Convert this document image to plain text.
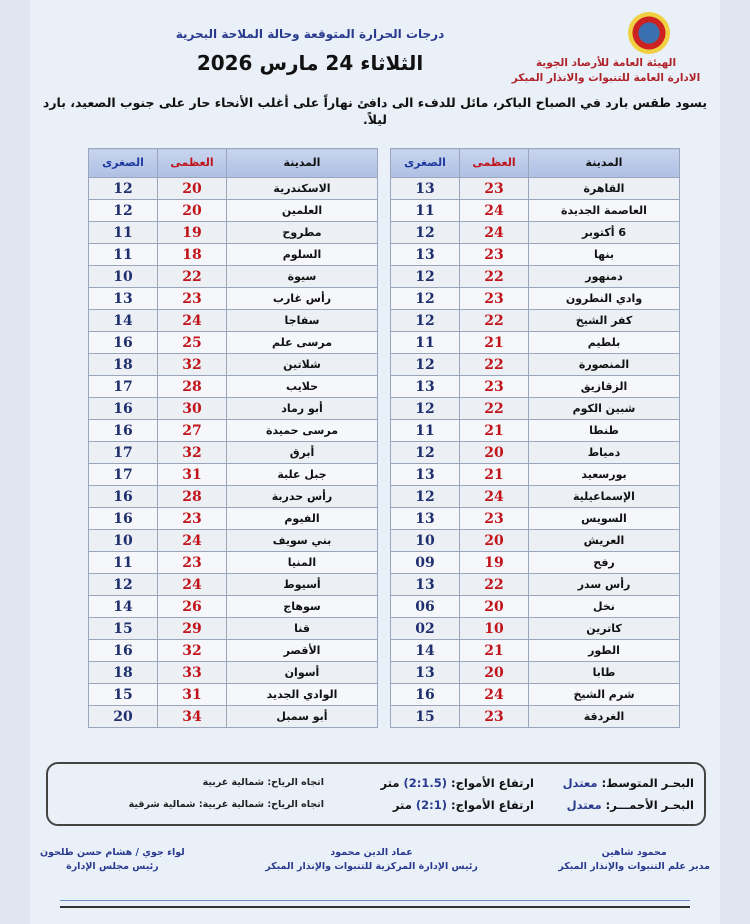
الهيئة العامة للأرصاد الجوية
الادارة العامة للتنبوات والانذار المبكر
درجات الحرارة المتوقعة وحالة الملاحة البحرية
الثلاثاء 24 مارس 2026
يسود طقس بارد في الصباح الباكر، مائل للدفء الى دافئ نهاراً على أغلب الأنحاء حار على جنوب الصعيد، بارد ليلاً.
المدينة	العظمى	الصغرى
القاهرة	23	13
العاصمة الجديدة	24	11
6 أكتوبر	24	12
بنها	23	13
دمنهور	22	12
وادي النطرون	23	12
كفر الشيخ	22	12
بلطيم	21	11
المنصورة	22	12
الزقازيق	23	13
شبين الكوم	22	12
طنطا	21	11
دمياط	20	12
بورسعيد	21	13
الإسماعيلية	24	12
السويس	23	13
العريش	20	10
رفح	19	09
رأس سدر	22	13
نخل	20	06
كاترين	10	02
الطور	21	14
طابا	20	13
شرم الشيخ	24	16
الغردقة	23	15
المدينة	العظمى	الصغرى
الاسكندرية	20	12
العلمين	20	12
مطروح	19	11
السلوم	18	11
سيوة	22	10
رأس غارب	23	13
سفاجا	24	14
مرسى علم	25	16
شلاتين	32	18
حلايب	28	17
أبو رماد	30	16
مرسى حميدة	27	16
أبرق	32	17
جبل علبة	31	17
رأس حدربة	28	16
الفيوم	23	16
بني سويف	24	10
المنيا	23	11
أسيوط	24	12
سوهاج	26	14
قنا	29	15
الأقصر	32	16
أسوان	33	18
الوادي الجديد	31	15
أبو سمبل	34	20
البحـر المتوسط: معتدل
ارتفاع الأمواج: (2:1.5) متر
اتجاه الرياح: شمالية غربية
البحـر الأحمـــر: معتدل
ارتفاع الأمواج: (2:1) متر
اتجاه الرياح: شمالية غربية: شمالية شرقية
محمود شاهين
مدير علم التنبوات والإنذار المبكر
عماد الدين محمود
رئيس الإدارة المركزية للتنبوات والإنذار المبكر
لواء جوي / هشام حسن طلحون
رئيس مجلس الإدارة
